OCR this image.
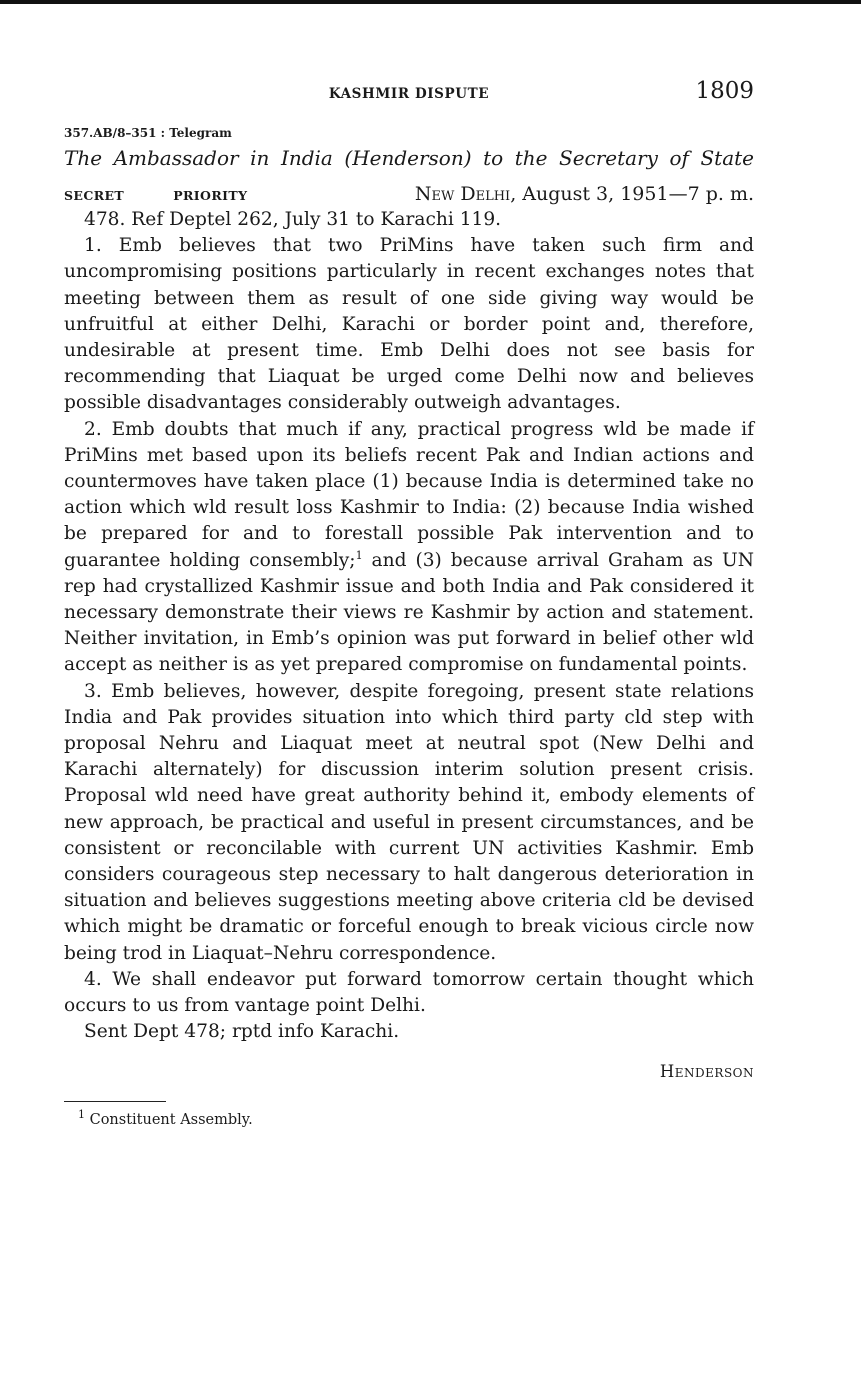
KASHMIR DISPUTE	1809
357.AB/8–351 : Telegram
The Ambassador in India (Henderson) to the Secretary of State
SECRET	PRIORITY	New Delhi, August 3, 1951—7 p. m.

478. Ref Deptel 262, July 31 to Karachi 119.

1. Emb believes that two PriMins have taken such firm and uncompromising positions particularly in recent exchanges notes that meeting between them as result of one side giving way would be unfruitful at either Delhi, Karachi or border point and, therefore, undesirable at present time. Emb Delhi does not see basis for recommending that Liaquat be urged come Delhi now and believes possible disadvantages considerably outweigh advantages.

2. Emb doubts that much if any, practical progress wld be made if PriMins met based upon its beliefs recent Pak and Indian actions and countermoves have taken place (1) because India is determined take no action which wld result loss Kashmir to India: (2) because India wished be prepared for and to forestall possible Pak intervention and to guarantee holding consembly;$^1$ and (3) because arrival Graham as UN rep had crystallized Kashmir issue and both India and Pak considered it necessary demonstrate their views re Kashmir by action and statement. Neither invitation, in Emb’s opinion was put forward in belief other wld accept as neither is as yet prepared compromise on fundamental points.

3. Emb believes, however, despite foregoing, present state relations India and Pak provides situation into which third party cld step with proposal Nehru and Liaquat meet at neutral spot (New Delhi and Karachi alternately) for discussion interim solution present crisis. Proposal wld need have great authority behind it, embody elements of new approach, be practical and useful in present circumstances, and be consistent or reconcilable with current UN activities Kashmir. Emb considers courageous step necessary to halt dangerous deterioration in situation and believes suggestions meeting above criteria cld be devised which might be dramatic or forceful enough to break vicious circle now being trod in Liaquat–Nehru correspondence.

4. We shall endeavor put forward tomorrow certain thought which occurs to us from vantage point Delhi.

Sent Dept 478; rptd info Karachi.

Henderson
$^1$ Constituent Assembly.
